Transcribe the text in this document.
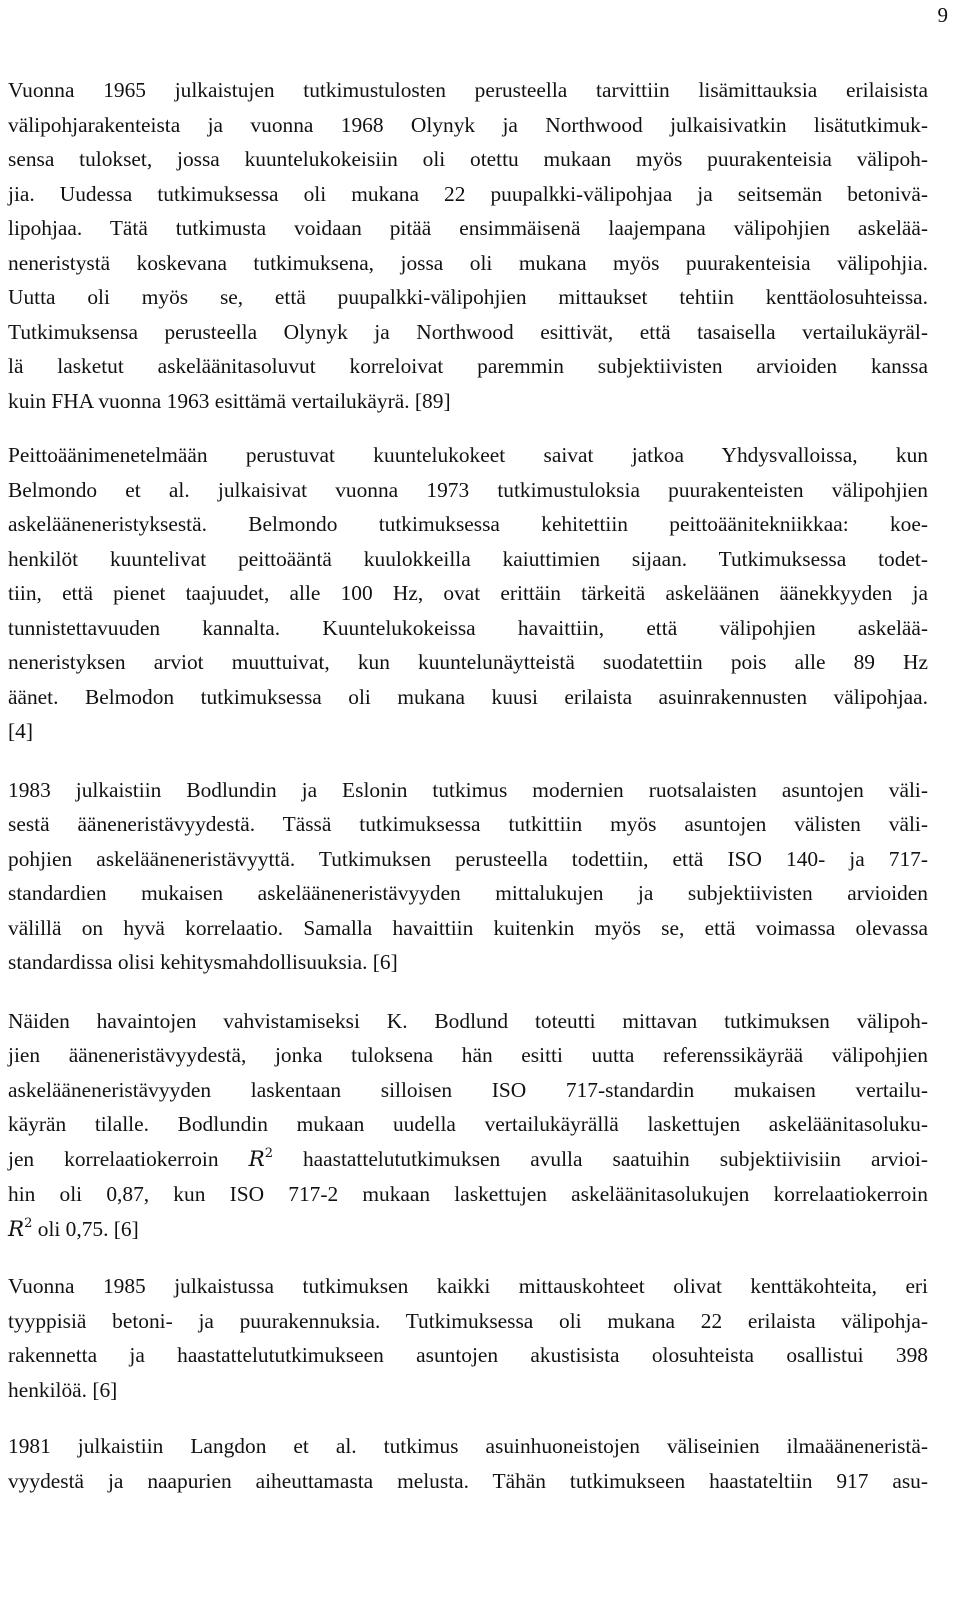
9

Vuonna 1965 julkaistujen tutkimustulosten perusteella tarvittiin lisämittauksia erilaisista
välipohjarakenteista ja vuonna 1968 Olynyk ja Northwood julkaisivatkin lisätutkimuk-
sensa tulokset, jossa kuuntelukokeisiin oli otettu mukaan myös puurakenteisia välipoh-
jia. Uudessa tutkimuksessa oli mukana 22 puupalkki-välipohjaa ja seitsemän betonivä-
lipohjaa. Tätä tutkimusta voidaan pitää ensimmäisenä laajempana välipohjien askelää-
neneristystä koskevana tutkimuksena, jossa oli mukana myös puurakenteisia välipohjia.
Uutta oli myös se, että puupalkki-välipohjien mittaukset tehtiin kenttäolosuhteissa.
Tutkimuksensa perusteella Olynyk ja Northwood esittivät, että tasaisella vertailukäyräl-
lä lasketut askeläänitasoluvut korreloivat paremmin subjektiivisten arvioiden kanssa
kuin FHA vuonna 1963 esittämä vertailukäyrä. [89]

Peittoäänimenetelmään perustuvat kuuntelukokeet saivat jatkoa Yhdysvalloissa, kun
Belmondo et al. julkaisivat vuonna 1973 tutkimustuloksia puurakenteisten välipohjien
askelääneneristyksestä. Belmondo tutkimuksessa kehitettiin peittoäänitekniikkaa: koe-
henkilöt kuuntelivat peittoääntä kuulokkeilla kaiuttimien sijaan. Tutkimuksessa todet-
tiin, että pienet taajuudet, alle 100 Hz, ovat erittäin tärkeitä askeläänen äänekkyyden ja
tunnistettavuuden kannalta. Kuuntelukokeissa havaittiin, että välipohjien askelää-
neneristyksen arviot muuttuivat, kun kuuntelunäytteistä suodatettiin pois alle 89 Hz
äänet. Belmodon tutkimuksessa oli mukana kuusi erilaista asuinrakennusten välipohjaa.
[4]

1983 julkaistiin Bodlundin ja Eslonin tutkimus modernien ruotsalaisten asuntojen väli-
sestä ääneneristävyydestä. Tässä tutkimuksessa tutkittiin myös asuntojen välisten väli-
pohjien askelääneneristävyyttä. Tutkimuksen perusteella todettiin, että ISO 140- ja 717-
standardien mukaisen askelääneneristävyyden mittalukujen ja subjektiivisten arvioiden
välillä on hyvä korrelaatio. Samalla havaittiin kuitenkin myös se, että voimassa olevassa
standardissa olisi kehitysmahdollisuuksia. [6]

Näiden havaintojen vahvistamiseksi K. Bodlund toteutti mittavan tutkimuksen välipoh-
jien ääneneristävyydestä, jonka tuloksena hän esitti uutta referenssikäyrää välipohjien
askelääneneristävyyden laskentaan silloisen ISO 717-standardin mukaisen vertailu-
käyrän tilalle. Bodlundin mukaan uudella vertailukäyrällä laskettujen askeläänitasoluku-
jen korrelaatiokerroin $R^2$ haastattelututkimuksen avulla saatuihin subjektiivisiin arvioi-
hin oli 0,87, kun ISO 717-2 mukaan laskettujen askeläänitasolukujen korrelaatiokerroin
$R^2$ oli 0,75. [6]

Vuonna 1985 julkaistussa tutkimuksen kaikki mittauskohteet olivat kenttäkohteita, eri
tyyppisiä betoni- ja puurakennuksia. Tutkimuksessa oli mukana 22 erilaista välipohja-
rakennetta ja haastattelututkimukseen asuntojen akustisista olosuhteista osallistui 398
henkilöä. [6]

1981 julkaistiin Langdon et al. tutkimus asuinhuoneistojen väliseinien ilmaääneneristä-
vyydestä ja naapurien aiheuttamasta melusta. Tähän tutkimukseen haastateltiin 917 asu-
